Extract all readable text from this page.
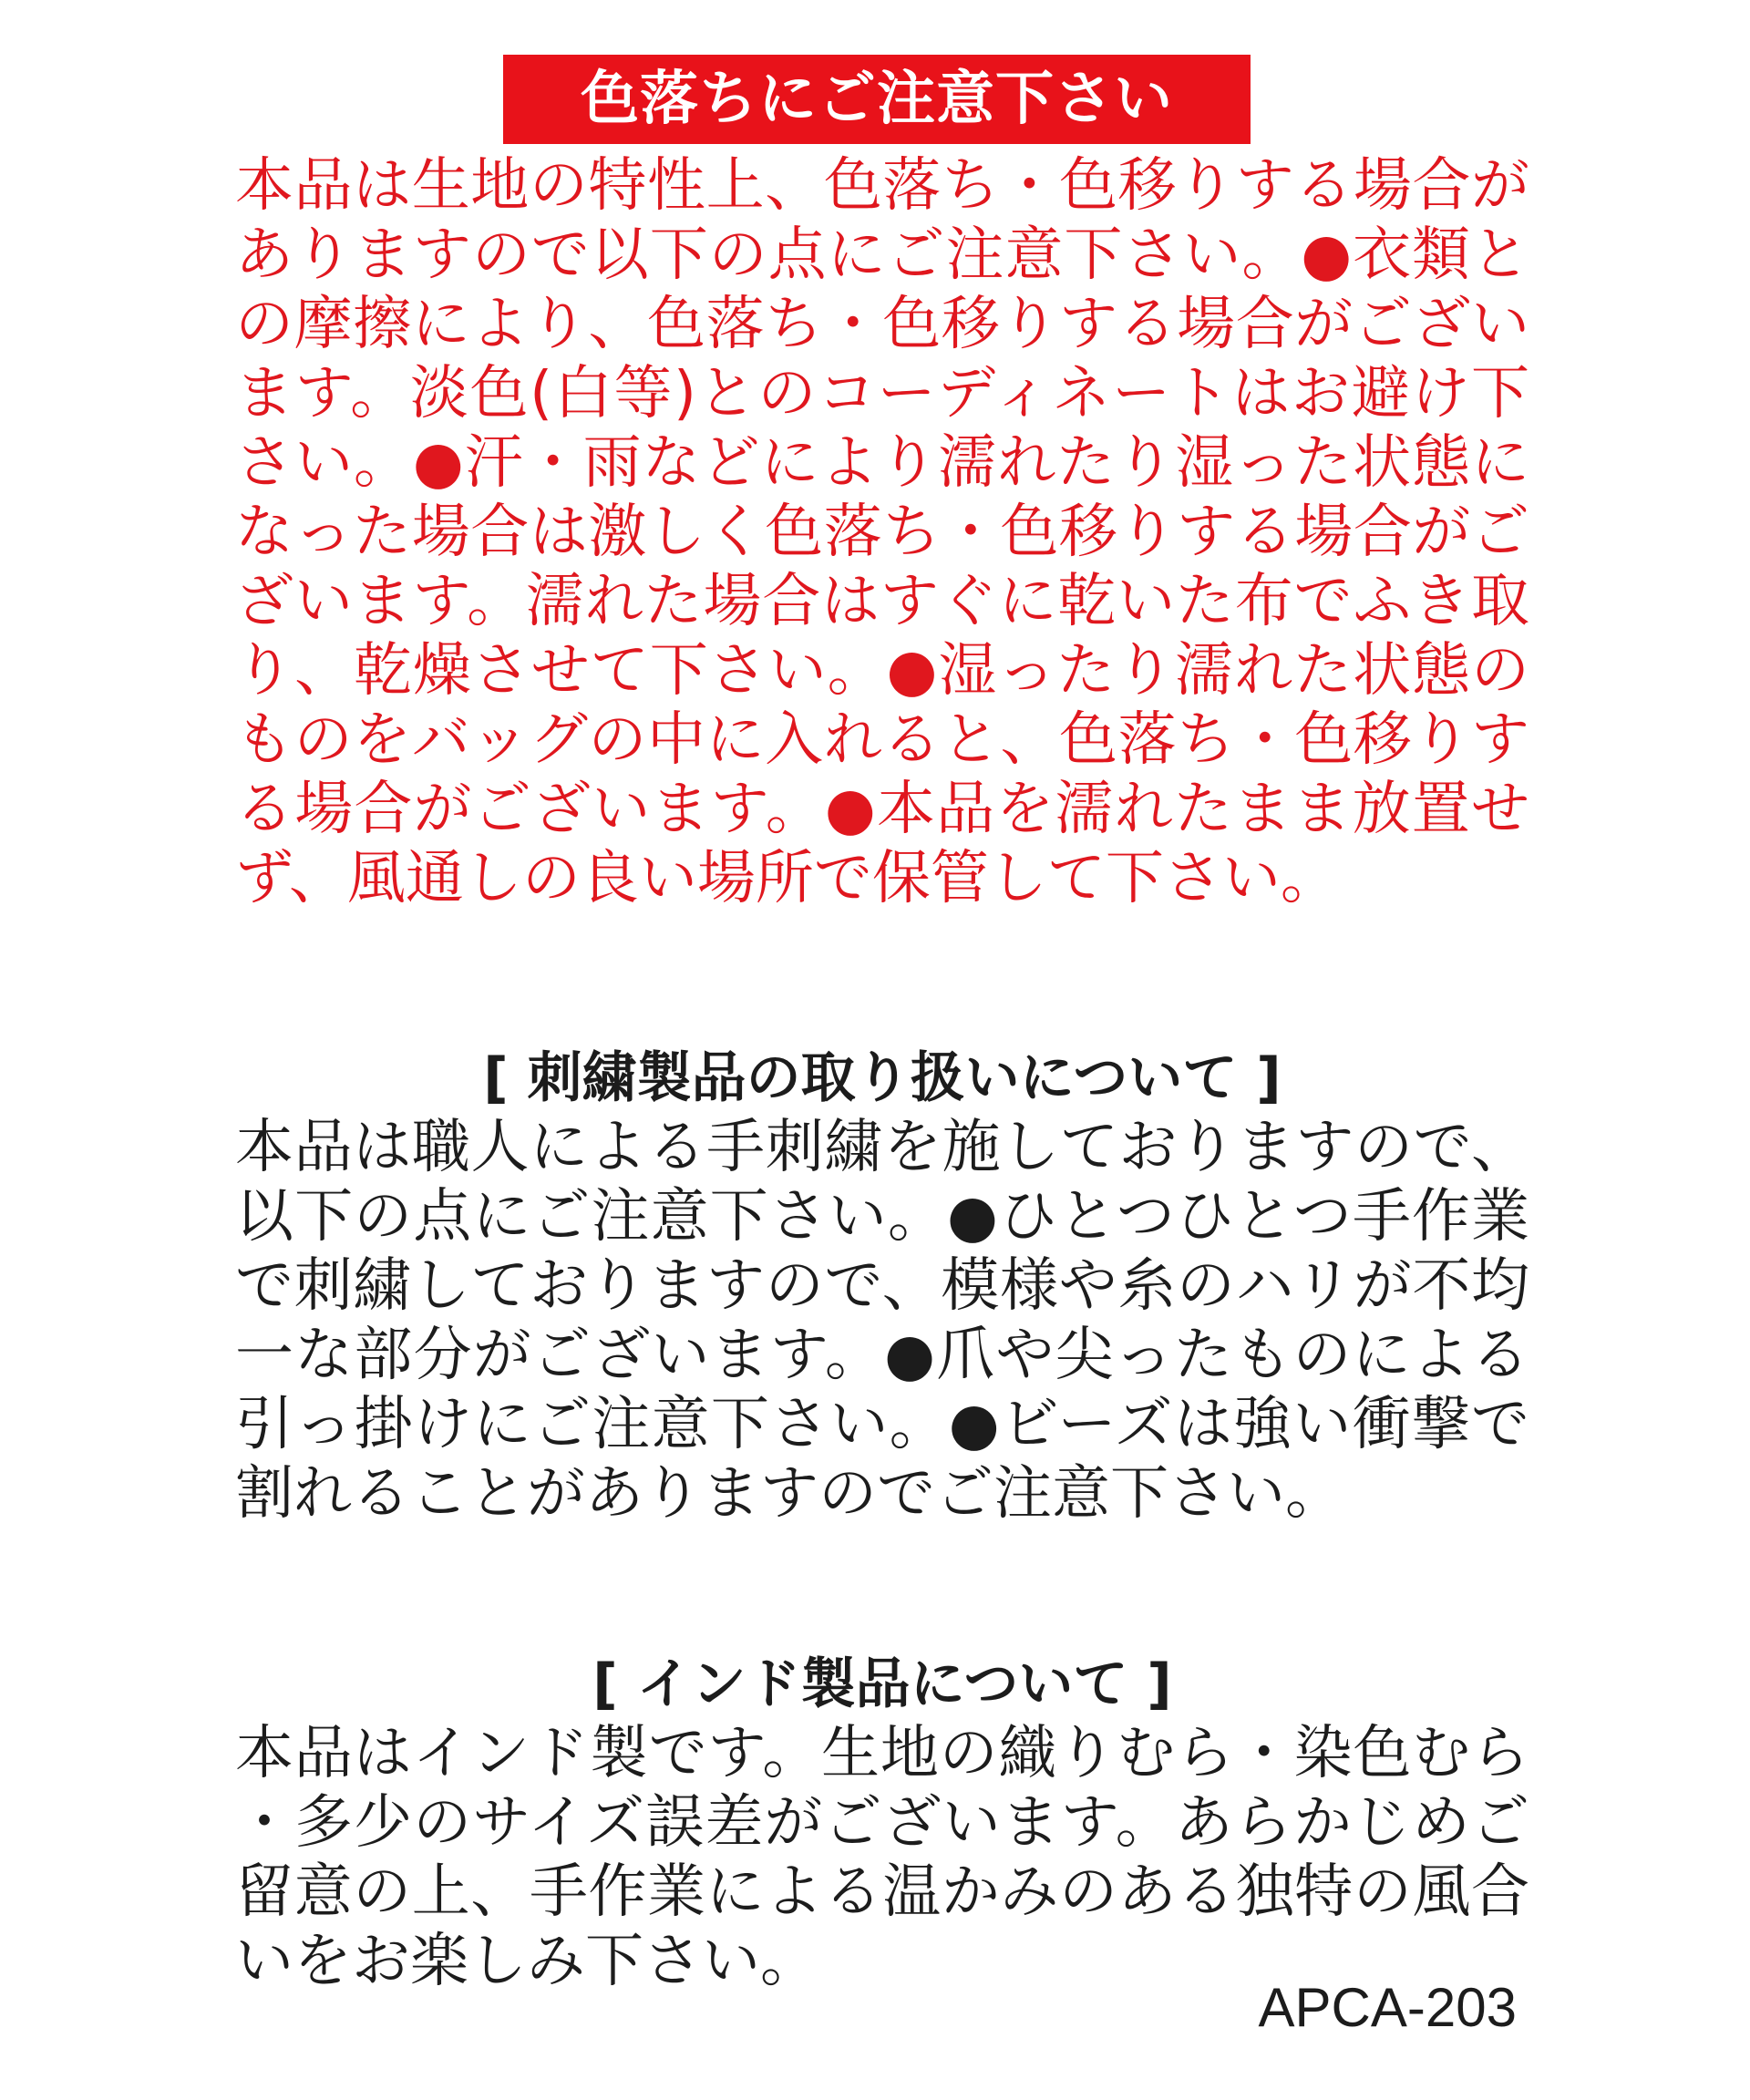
色落ちにご注意下さい
本品は生地の特性上、色落ち・色移りする場合がありますので以下の点にご注意下さい。●衣類との摩擦により、色落ち・色移りする場合がございます。淡色(白等)とのコーディネートはお避け下さい。●汗・雨などにより濡れたり湿った状態になった場合は激しく色落ち・色移りする場合がございます。濡れた場合はすぐに乾いた布でふき取り、乾燥させて下さい。●湿ったり濡れた状態のものをバッグの中に入れると、色落ち・色移りする場合がございます。●本品を濡れたまま放置せず、風通しの良い場所で保管して下さい。
[ 刺繍製品の取り扱いについて ]
本品は職人による手刺繍を施しておりますので、以下の点にご注意下さい。●ひとつひとつ手作業で刺繍しておりますので、模様や糸のハリが不均一な部分がございます。●爪や尖ったものによる引っ掛けにご注意下さい。●ビーズは強い衝撃で割れることがありますのでご注意下さい。
[ インド製品について ]
本品はインド製です。生地の織りむら・染色むら・多少のサイズ誤差がございます。あらかじめご留意の上、手作業による温かみのある独特の風合いをお楽しみ下さい。
APCA-203
